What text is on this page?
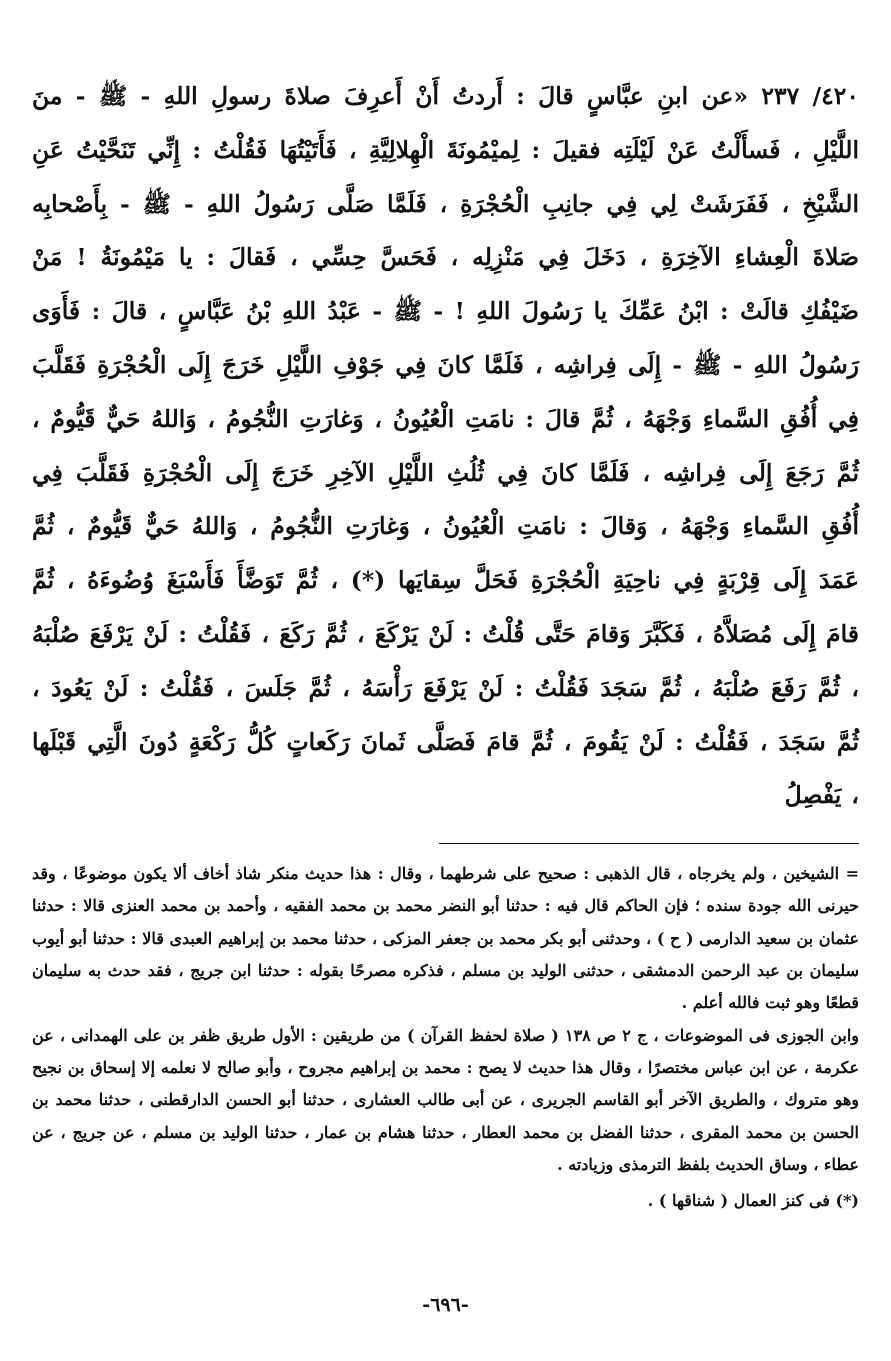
٤٢٠/ ٢٣٧ «عن ابنِ عبَّاسٍ قالَ : أَردتُ أَنْ أَعرِفَ صلاةَ رسولِ اللهِ - ﷺ - منَ اللَّيْلِ ، فَسأَلْتُ عَنْ لَيْلَتِه فقيلَ : لِميْمُونَةَ الْهِلالِيَّةِ ، فَأَتَيْتُهَا فَقُلْتُ : إِنِّي تَنَحَّيْتُ عَنِ الشَّيْخِ ، فَفَرَشَتْ لِي فِي جانِبِ الْحُجْرَةِ ، فَلَمَّا صَلَّى رَسُولُ اللهِ - ﷺ - بِأَصْحابِه صَلاةَ الْعِشاءِ الآخِرَةِ ، دَخَلَ فِي مَنْزِلِه ، فَحَسَّ حِسِّي ، فَقالَ : يا مَيْمُونَةُ ! مَنْ ضَيْفُكِ قالَتْ : ابْنُ عَمِّكَ يا رَسُولَ اللهِ ! - ﷺ - عَبْدُ اللهِ بْنُ عَبَّاسٍ ، قالَ : فَأَوَى رَسُولُ اللهِ - ﷺ - إِلَى فِراشِه ، فَلَمَّا كانَ فِي جَوْفِ اللَّيْلِ خَرَجَ إِلَى الْحُجْرَةِ فَقَلَّبَ فِي أُفُقِ السَّماءِ وَجْهَهُ ، ثُمَّ قالَ : نامَتِ الْعُيُونُ ، وَغارَتِ النُّجُومُ ، وَاللهُ حَيٌّ قَيُّومٌ ، ثُمَّ رَجَعَ إِلَى فِراشِه ، فَلَمَّا كانَ فِي ثُلُثِ اللَّيْلِ الآخِرِ خَرَجَ إِلَى الْحُجْرَةِ فَقَلَّبَ فِي أُفُقِ السَّماءِ وَجْهَهُ ، وَقالَ : نامَتِ الْعُيُونُ ، وَغارَتِ النُّجُومُ ، وَاللهُ حَيٌّ قَيُّومٌ ، ثُمَّ عَمَدَ إِلَى قِرْبَةٍ فِي ناحِيَةِ الْحُجْرَةِ فَحَلَّ سِقايَها (*) ، ثُمَّ تَوَضَّأَ فَأَسْبَغَ وُضُوءَهُ ، ثُمَّ قامَ إِلَى مُصَلاَّهُ ، فَكَبَّرَ وَقامَ حَتَّى قُلْتُ : لَنْ يَرْكَعَ ، ثُمَّ رَكَعَ ، فَقُلْتُ : لَنْ يَرْفَعَ صُلْبَهُ ، ثُمَّ رَفَعَ صُلْبَهُ ، ثُمَّ سَجَدَ فَقُلْتُ : لَنْ يَرْفَعَ رَأْسَهُ ، ثُمَّ جَلَسَ ، فَقُلْتُ : لَنْ يَعُودَ ، ثُمَّ سَجَدَ ، فَقُلْتُ : لَنْ يَقُومَ ، ثُمَّ قامَ فَصَلَّى ثَمانَ رَكَعاتٍ كُلُّ رَكْعَةٍ دُونَ الَّتِي قَبْلَها ، يَفْصِلُ

= الشيخين ، ولم يخرجاه ، قال الذهبى : صحيح على شرطهما ، وقال : هذا حديث منكر شاذ أخاف ألا يكون موضوعًا ، وقد حيرنى الله جودة سنده ؛ فإن الحاكم قال فيه : حدثنا أبو النضر محمد بن محمد الفقيه ، وأحمد بن محمد العنزى قالا : حدثنا عثمان بن سعيد الدارمى ( ح ) ، وحدثنى أبو بكر محمد بن جعفر المزكى ، حدثنا محمد بن إبراهيم العبدى قالا : حدثنا أبو أيوب سليمان بن عبد الرحمن الدمشقى ، حدثنى الوليد بن مسلم ، فذكره مصرحًا بقوله : حدثنا ابن جريج ، فقد حدث به سليمان قطعًا وهو ثبت فالله أعلم .

وابن الجوزى فى الموضوعات ، ج ٢ ص ١٣٨ ( صلاة لحفظ القرآن ) من طريقين : الأول طريق ظفر بن على الهمدانى ، عن عكرمة ، عن ابن عباس مختصرًا ، وقال هذا حديث لا يصح : محمد بن إبراهيم مجروح ، وأبو صالح لا نعلمه إلا إسحاق بن نجيح وهو متروك ، والطريق الآخر أبو القاسم الجريرى ، عن أبى طالب العشارى ، حدثنا أبو الحسن الدارقطنى ، حدثنا محمد بن الحسن بن محمد المقرى ، حدثنا الفضل بن محمد العطار ، حدثنا هشام بن عمار ، حدثنا الوليد بن مسلم ، عن جريج ، عن عطاء ، وساق الحديث بلفظ الترمذى وزيادته .

(*) فى كنز العمال ( شناقها ) .

-٦٩٦-
